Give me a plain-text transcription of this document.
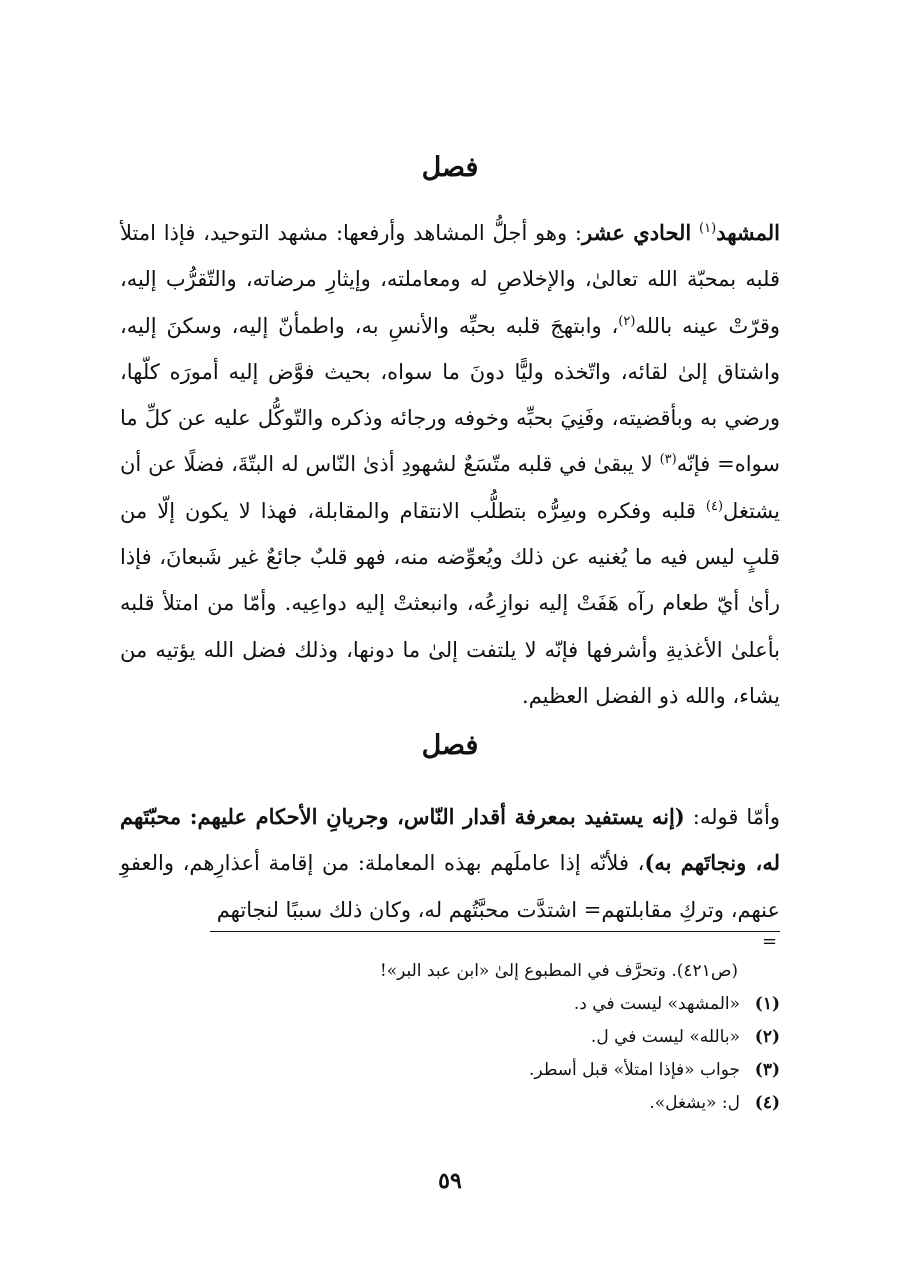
فصل

المشهد$^{(١)}$ الحادي عشر: وهو أجلُّ المشاهد وأرفعها: مشهد التوحيد، فإذا امتلأ قلبه بمحبّة الله تعالىٰ، والإخلاصِ له ومعاملته، وإيثارِ مرضاته، والتّقرُّب إليه، وقرّتْ عينه بالله$^{(٢)}$، وابتهجَ قلبه بحبِّه والأنسِ به، واطمأنّ إليه، وسكنَ إليه، واشتاق إلىٰ لقائه، واتّخذه وليًّا دونَ ما سواه، بحيث فوَّض إليه أمورَه كلّها، ورضي به وبأقضيته، وفَنِيَ بحبِّه وخوفه ورجائه وذكره والتّوكُّل عليه عن كلِّ ما سواه= فإنّه$^{(٣)}$ لا يبقىٰ في قلبه متّسَعٌ لشهودِ أذىٰ النّاس له البتّةَ، فضلًا عن أن يشتغل$^{(٤)}$ قلبه وفكره وسِرُّه بتطلُّب الانتقام والمقابلة، فهذا لا يكون إلّا من قلبٍ ليس فيه ما يُغنيه عن ذلك ويُعوِّضه منه، فهو قلبٌ جائعٌ غير شَبعانَ، فإذا رأىٰ أيّ طعام رآه هَفَتْ إليه نوازِعُه، وانبعثتْ إليه دواعِيه. وأمّا من امتلأ قلبه بأعلىٰ الأغذيةِ وأشرفها فإنّه لا يلتفت إلىٰ ما دونها، وذلك فضل الله يؤتيه من يشاء، والله ذو الفضل العظيم.

فصل

وأمّا قوله: (إنه يستفيد بمعرفة أقدار النّاس، وجريانِ الأحكام عليهم: محبّتَهم له، ونجاتَهم به)، فلأنّه إذا عاملَهم بهذه المعاملة: من إقامة أعذارِهم، والعفوِ عنهم، وتركِ مقابلتهم= اشتدَّت محبَّتُهم له، وكان ذلك سببًا لنجاتهم

=
(ص٤٢١). وتحرَّف في المطبوع إلىٰ «ابن عبد البر»!
(١)«المشهد» ليست في د.
(٢)«بالله» ليست في ل.
(٣)جواب «فإذا امتلأ» قبل أسطر.
(٤)ل: «يشغل».
٥٩
